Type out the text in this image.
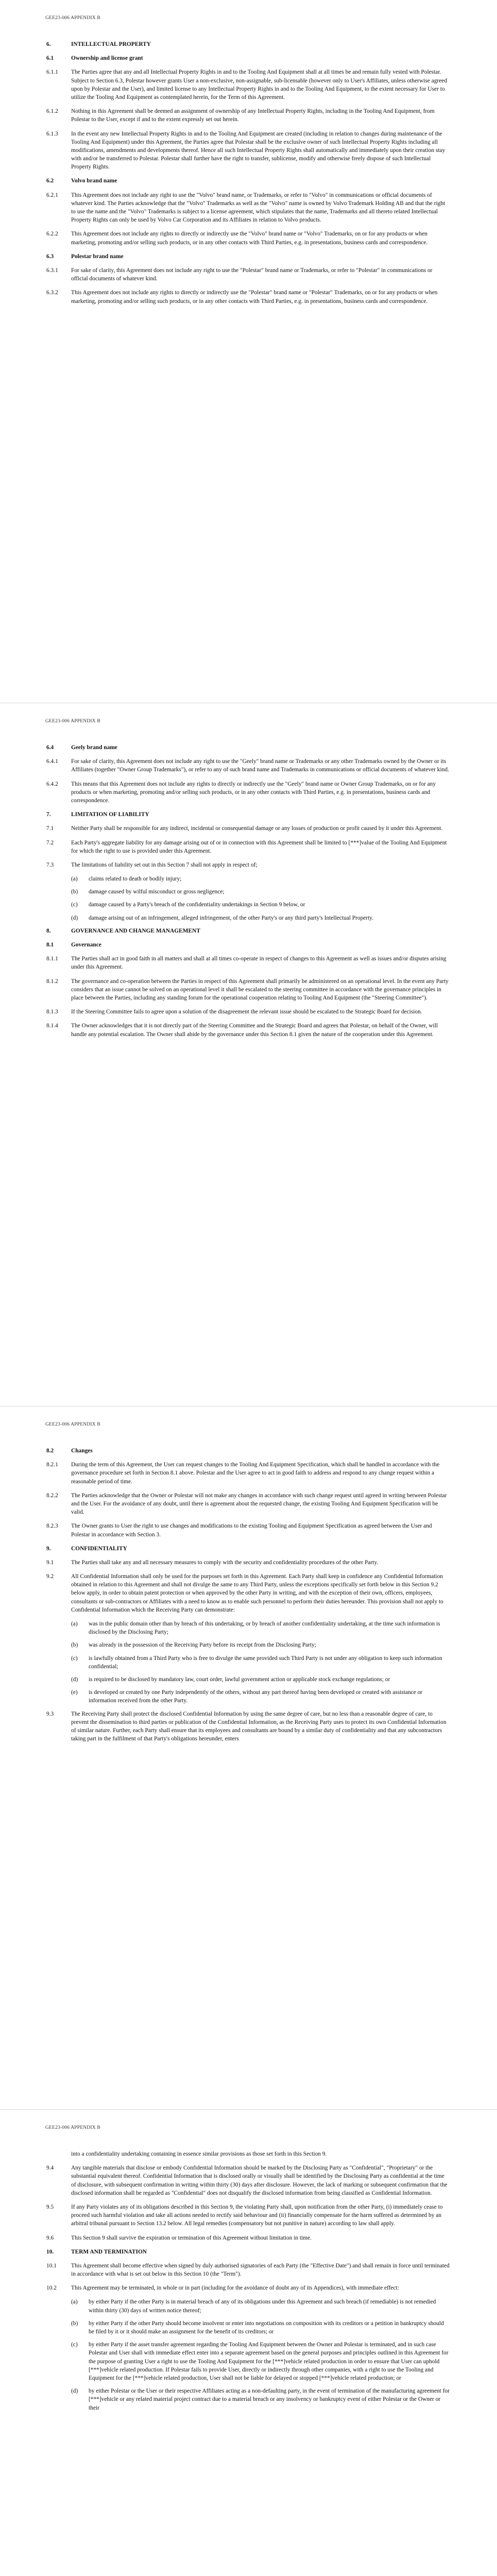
GEE23-006 APPENDIX B
6.	INTELLECTUAL PROPERTY
6.1	Ownership and license grant
6.1.1	The Parties agree that any and all Intellectual Property Rights in and to the Tooling And Equipment shall at all times be and remain fully vested with Polestar. Subject to Section 6.3, Polestar however grants User a non-exclusive, non-assignable, sub-licensable (however only to User's Affiliates, unless otherwise agreed upon by Polestar and the User), and limited license to any Intellectual Property Rights in and to the Tooling And Equipment, to the extent necessary for User to utilize the Tooling And Equipment as contemplated herein, for the Term of this Agreement.
6.1.2	Nothing in this Agreement shall be deemed an assignment of ownership of any Intellectual Property Rights, including in the Tooling And Equipment, from Polestar to the User, except if and to the extent expressly set out herein.
6.1.3	In the event any new Intellectual Property Rights in and to the Tooling And Equipment are created (including in relation to changes during maintenance of the Tooling And Equipment) under this Agreement, the Parties agree that Polestar shall be the exclusive owner of such Intellectual Property Rights including all modifications, amendments and developments thereof. Hence all such Intellectual Property Rights shall automatically and immediately upon their creation stay with and/or be transferred to Polestar. Polestar shall further have the right to transfer, sublicense, modify and otherwise freely dispose of such Intellectual Property Rights.
6.2	Volvo brand name
6.2.1	This Agreement does not include any right to use the "Volvo" brand name, or Trademarks, or refer to "Volvo" in communications or official documents of whatever kind. The Parties acknowledge that the "Volvo" Trademarks as well as the "Volvo" name is owned by Volvo Trademark Holding AB and that the right to use the name and the "Volvo" Trademarks is subject to a license agreement, which stipulates that the name, Trademarks and all thereto related Intellectual Property Rights can only be used by Volvo Car Corporation and its Affiliates in relation to Volvo products.
6.2.2	This Agreement does not include any rights to directly or indirectly use the "Volvo" brand name or "Volvo" Trademarks, on or for any products or when marketing, promoting and/or selling such products, or in any other contacts with Third Parties, e.g. in presentations, business cards and correspondence.
6.3	Polestar brand name
6.3.1	For sake of clarity, this Agreement does not include any right to use the "Polestar" brand name or Trademarks, or refer to "Polestar" in communications or official documents of whatever kind.
6.3.2	This Agreement does not include any rights to directly or indirectly use the "Polestar" brand name or "Polestar" Trademarks, on or for any products or when marketing, promoting and/or selling such products, or in any other contacts with Third Parties, e.g. in presentations, business cards and correspondence.
GEE23-006 APPENDIX B
6.4	Geely brand name
6.4.1	For sake of clarity, this Agreement does not include any right to use the "Geely" brand name or Trademarks or any other Trademarks owned by the Owner or its Affiliates (together "Owner Group Trademarks"), or refer to any of such brand name and Trademarks in communications or official documents of whatever kind.
6.4.2	This means that this Agreement does not include any rights to directly or indirectly use the "Geely" brand name or Owner Group Trademarks, on or for any products or when marketing, promoting and/or selling such products, or in any other contacts with Third Parties, e.g. in presentations, business cards and correspondence.
7.	LIMITATION OF LIABILITY
7.1	Neither Party shall be responsible for any indirect, incidental or consequential damage or any losses of production or profit caused by it under this Agreement.
7.2	Each Party's aggregate liability for any damage arising out of or in connection with this Agreement shall be limited to [***]value of the Tooling And Equipment for which the right to use is provided under this Agreement.
7.3	The limitations of liability set out in this Section 7 shall not apply in respect of;
(a)	claims related to death or bodily injury;
(b)	damage caused by wilful misconduct or gross negligence;
(c)	damage caused by a Party's breach of the confidentiality undertakings in Section 9 below, or
(d)	damage arising out of an infringement, alleged infringement, of the other Party's or any third party's Intellectual Property.
8.	GOVERNANCE AND CHANGE MANAGEMENT
8.1	Governance
8.1.1	The Parties shall act in good faith in all matters and shall at all times co-operate in respect of changes to this Agreement as well as issues and/or disputes arising under this Agreement.
8.1.2	The governance and co-operation between the Parties in respect of this Agreement shall primarily be administered on an operational level. In the event any Party considers that an issue cannot be solved on an operational level it shall be escalated to the steering committee in accordance with the governance principles in place between the Parties, including any standing forum for the operational cooperation relating to Tooling And Equipment (the "Steering Committee").
8.1.3	If the Steering Committee fails to agree upon a solution of the disagreement the relevant issue should be escalated to the Strategic Board for decision.
8.1.4	The Owner acknowledges that it is not directly part of the Steering Committee and the Strategic Board and agrees that Polestar, on behalf of the Owner, will handle any potential escalation. The Owner shall abide by the governance under this Section 8.1 given the nature of the cooperation under this Agreement.
GEE23-006 APPENDIX B
8.2	Changes
8.2.1	During the term of this Agreement, the User can request changes to the Tooling And Equipment Specification, which shall be handled in accordance with the governance procedure set forth in Section 8.1 above. Polestar and the User agree to act in good faith to address and respond to any change request within a reasonable period of time.
8.2.2	The Parties acknowledge that the Owner or Polestar will not make any changes in accordance with such change request until agreed in writing between Polestar and the User. For the avoidance of any doubt, until there is agreement about the requested change, the existing Tooling And Equipment Specification will be valid.
8.2.3	The Owner grants to User the right to use changes and modifications to the existing Tooling and Equipment Specification as agreed between the User and Polestar in accordance with Section 3.
9.	CONFIDENTIALITY
9.1	The Parties shall take any and all necessary measures to comply with the security and confidentiality procedures of the other Party.
9.2	All Confidential Information shall only be used for the purposes set forth in this Agreement. Each Party shall keep in confidence any Confidential Information obtained in relation to this Agreement and shall not divulge the same to any Third Party, unless the exceptions specifically set forth below in this Section 9.2 below apply, in order to obtain patent protection or when approved by the other Party in writing, and with the exception of their own, officers, employees, consultants or sub-contractors or Affiliates with a need to know as to enable such personnel to perform their duties hereunder. This provision shall not apply to Confidential Information which the Receiving Party can demonstrate:
(a)	was in the public domain other than by breach of this undertaking, or by breach of another confidentiality undertaking, at the time such information is disclosed by the Disclosing Party;
(b)	was already in the possession of the Receiving Party before its receipt from the Disclosing Party;
(c)	is lawfully obtained from a Third Party who is free to divulge the same provided such Third Party is not under any obligation to keep such information confidential;
(d)	is required to be disclosed by mandatory law, court order, lawful government action or applicable stock exchange regulations; or
(e)	is developed or created by one Party independently of the others, without any part thereof having been developed or created with assistance or information received from the other Party.
9.3	The Receiving Party shall protect the disclosed Confidential Information by using the same degree of care, but no less than a reasonable degree of care, to prevent the dissemination to third parties or publication of the Confidential Information, as the Receiving Party uses to protect its own Confidential Information of similar nature. Further, each Party shall ensure that its employees and consultants are bound by a similar duty of confidentiality and that any subcontractors taking part in the fulfilment of that Party's obligations hereunder, enters
GEE23-006 APPENDIX B
into a confidentiality undertaking containing in essence similar provisions as those set forth in this Section 9.
9.4	Any tangible materials that disclose or embody Confidential Information should be marked by the Disclosing Party as "Confidential", "Proprietary" or the substantial equivalent thereof. Confidential Information that is disclosed orally or visually shall be identified by the Disclosing Party as confidential at the time of disclosure, with subsequent confirmation in writing within thirty (30) days after disclosure. However, the lack of marking or subsequent confirmation that the disclosed information shall be regarded as "Confidential" does not disqualify the disclosed information from being classified as Confidential Information.
9.5	If any Party violates any of its obligations described in this Section 9, the violating Party shall, upon notification from the other Party, (i) immediately cease to proceed such harmful violation and take all actions needed to rectify said behaviour and (ii) financially compensate for the harm suffered as determined by an arbitral tribunal pursuant to Section 13.2 below. All legal remedies (compensatory but not punitive in nature) according to law shall apply.
9.6	This Section 9 shall survive the expiration or termination of this Agreement without limitation in time.
10.	TERM AND TERMINATION
10.1	This Agreement shall become effective when signed by duly authorised signatories of each Party (the "Effective Date") and shall remain in force until terminated in accordance with what is set out below in this Section 10 (the "Term").
10.2	This Agreement may be terminated, in whole or in part (including for the avoidance of doubt any of its Appendices), with immediate effect:
(a)	by either Party if the other Party is in material breach of any of its obligations under this Agreement and such breach (if remediable) is not remedied within thirty (30) days of written notice thereof;
(b)	by either Party if the other Party should become insolvent or enter into negotiations on composition with its creditors or a petition in bankruptcy should be filed by it or it should make an assignment for the benefit of its creditors; or
(c)	by either Party if the asset transfer agreement regarding the Tooling And Equipment between the Owner and Polestar is terminated, and in such case Polestar and User shall with immediate effect enter into a separate agreement based on the general purposes and principles outlined in this Agreement for the purpose of granting User a right to use the Tooling And Equipment for the [***]vehicle related production in order to ensure that User can uphold [***]vehicle related production. If Polestar fails to provide User, directly or indirectly through other companies, with a right to use the Tooling and Equipment for the [***]vehicle related production, User shall not be liable for delayed or stopped [***]vehicle related production; or
(d)	by either Polestar or the User or their respective Affiliates acting as a non-defaulting party, in the event of termination of the manufacturing agreement for [***]vehicle or any related material project contract due to a material breach or any insolvency or bankruptcy event of either Polestar or the Owner or their
